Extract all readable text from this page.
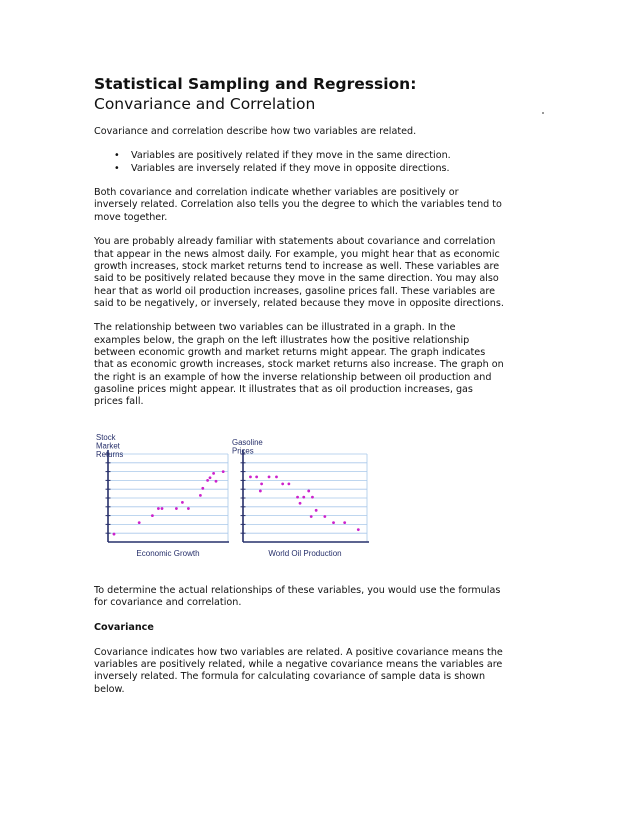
Statistical Sampling and Regression: Convariance and Correlation

Covariance and correlation describe how two variables are related.

• Variables are positively related if they move in the same direction.
• Variables are inversely related if they move in opposite directions.

Both covariance and correlation indicate whether variables are positively or inversely related. Correlation also tells you the degree to which the variables tend to move together.

You are probably already familiar with statements about covariance and correlation that appear in the news almost daily. For example, you might hear that as economic growth increases, stock market returns tend to increase as well. These variables are said to be positively related because they move in the same direction. You may also hear that as world oil production increases, gasoline prices fall. These variables are said to be negatively, or inversely, related because they move in opposite directions.

The relationship between two variables can be illustrated in a graph. In the examples below, the graph on the left illustrates how the positive relationship between economic growth and market returns might appear. The graph indicates that as economic growth increases, stock market returns also increase. The graph on the right is an example of how the inverse relationship between oil production and gasoline prices might appear. It illustrates that as oil production increases, gas prices fall.

Stock
Market
Returns
Economic Growth
Gasoline
Prices
World Oil Production

To determine the actual relationships of these variables, you would use the formulas for covariance and correlation.

Covariance

Covariance indicates how two variables are related. A positive covariance means the variables are positively related, while a negative covariance means the variables are inversely related. The formula for calculating covariance of sample data is shown below.
